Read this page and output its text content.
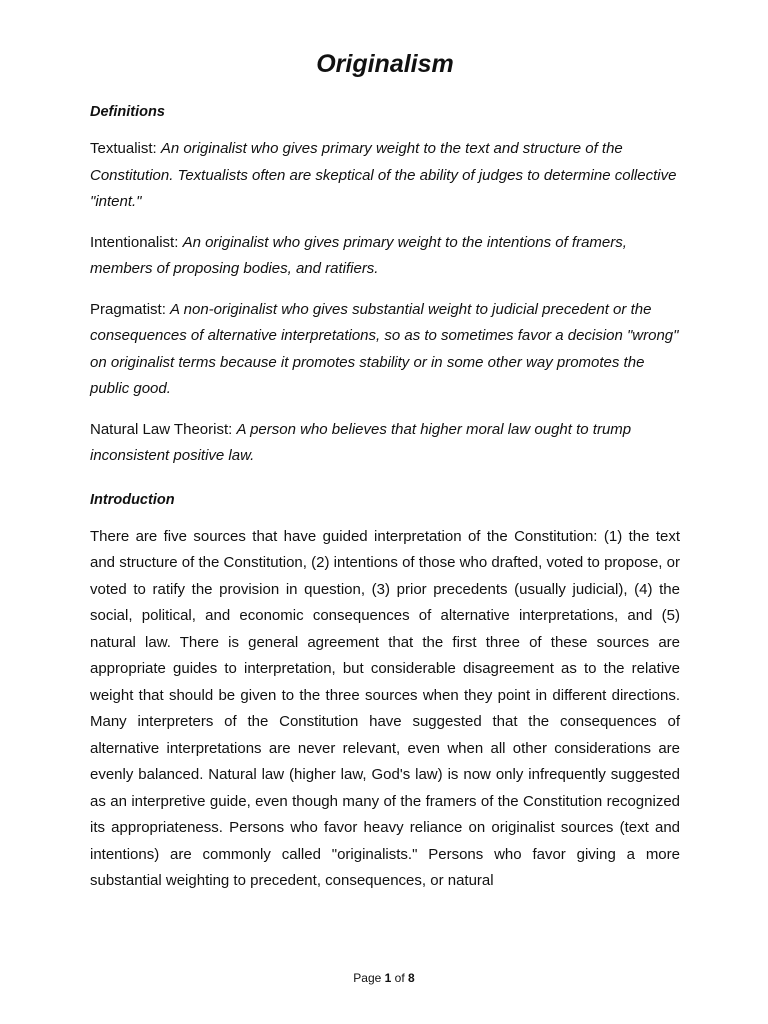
Originalism
Definitions

Textualist: An originalist who gives primary weight to the text and structure of the Constitution. Textualists often are skeptical of the ability of judges to determine collective "intent."

Intentionalist: An originalist who gives primary weight to the intentions of framers, members of proposing bodies, and ratifiers.

Pragmatist: A non-originalist who gives substantial weight to judicial precedent or the consequences of alternative interpretations, so as to sometimes favor a decision "wrong" on originalist terms because it promotes stability or in some other way promotes the public good.

Natural Law Theorist: A person who believes that higher moral law ought to trump inconsistent positive law.

Introduction

There are five sources that have guided interpretation of the Constitution: (1) the text and structure of the Constitution, (2) intentions of those who drafted, voted to propose, or voted to ratify the provision in question, (3) prior precedents (usually judicial), (4) the social, political, and economic consequences of alternative interpretations, and (5) natural law. There is general agreement that the first three of these sources are appropriate guides to interpretation, but considerable disagreement as to the relative weight that should be given to the three sources when they point in different directions. Many interpreters of the Constitution have suggested that the consequences of alternative interpretations are never relevant, even when all other considerations are evenly balanced. Natural law (higher law, God's law) is now only infrequently suggested as an interpretive guide, even though many of the framers of the Constitution recognized its appropriateness. Persons who favor heavy reliance on originalist sources (text and intentions) are commonly called "originalists." Persons who favor giving a more substantial weighting to precedent, consequences, or natural

Page 1 of 8
